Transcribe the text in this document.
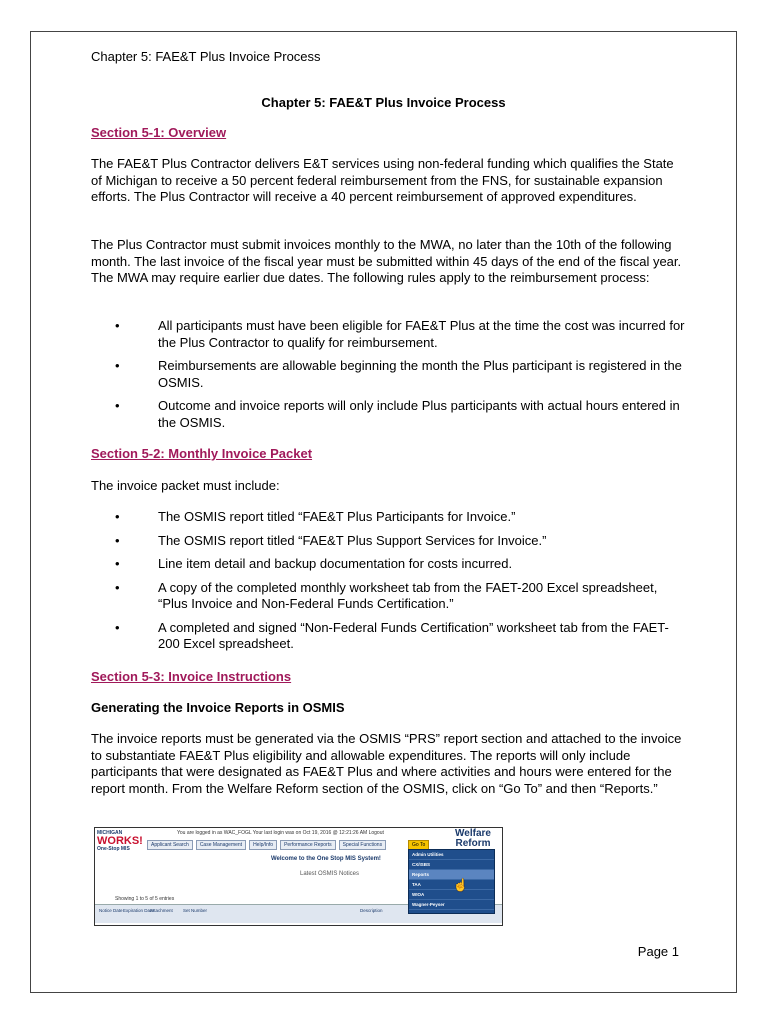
Chapter 5: FAE&T Plus Invoice Process
Chapter 5: FAE&T Plus Invoice Process
Section 5-1: Overview
The FAE&T Plus Contractor delivers E&T services using non-federal funding which qualifies the State of Michigan to receive a 50 percent federal reimbursement from the FNS, for sustainable expansion efforts. The Plus Contractor will receive a 40 percent reimbursement of approved expenditures.
The Plus Contractor must submit invoices monthly to the MWA, no later than the 10th of the following month. The last invoice of the fiscal year must be submitted within 45 days of the end of the fiscal year. The MWA may require earlier due dates. The following rules apply to the reimbursement process:
•	All participants must have been eligible for FAE&T Plus at the time the cost was incurred for the Plus Contractor to qualify for reimbursement.
•	Reimbursements are allowable beginning the month the Plus participant is registered in the OSMIS.
•	Outcome and invoice reports will only include Plus participants with actual hours entered in the OSMIS.
Section 5-2: Monthly Invoice Packet
The invoice packet must include:
•	The OSMIS report titled “FAE&T Plus Participants for Invoice.”
•	The OSMIS report titled “FAE&T Plus Support Services for Invoice.”
•	Line item detail and backup documentation for costs incurred.
•	A copy of the completed monthly worksheet tab from the FAET-200 Excel spreadsheet, “Plus Invoice and Non-Federal Funds Certification.”
•	A completed and signed “Non-Federal Funds Certification” worksheet tab from the FAET-200 Excel spreadsheet.
Section 5-3: Invoice Instructions
Generating the Invoice Reports in OSMIS
The invoice reports must be generated via the OSMIS “PRS” report section and attached to the invoice to substantiate FAE&T Plus eligibility and allowable expenditures. The reports will only include participants that were designated as FAE&T Plus and where activities and hours were entered for the report month. From the Welfare Reform section of the OSMIS, click on “Go To” and then “Reports.”
MICHIGAN
WORKS!
One-Stop MIS
You are logged in as WAC_FOGL Your last login was on Oct 19, 2016 @ 12:21:26 AM Logout
Applicant Search	Case Management	Help/Info	Performance Reports	Special Functions	Go To
Welfare Reform
Welcome to the One Stop MIS System!
Latest OSMIS Notices
Showing 1 to 5 of 5 entries
Notice Date Expiration Date
Attachment Set Number	Description
Admin Utilities
CX/ISBS
Reports
TAA
WIOA
Wagner-Peyser
☝
Page 1
